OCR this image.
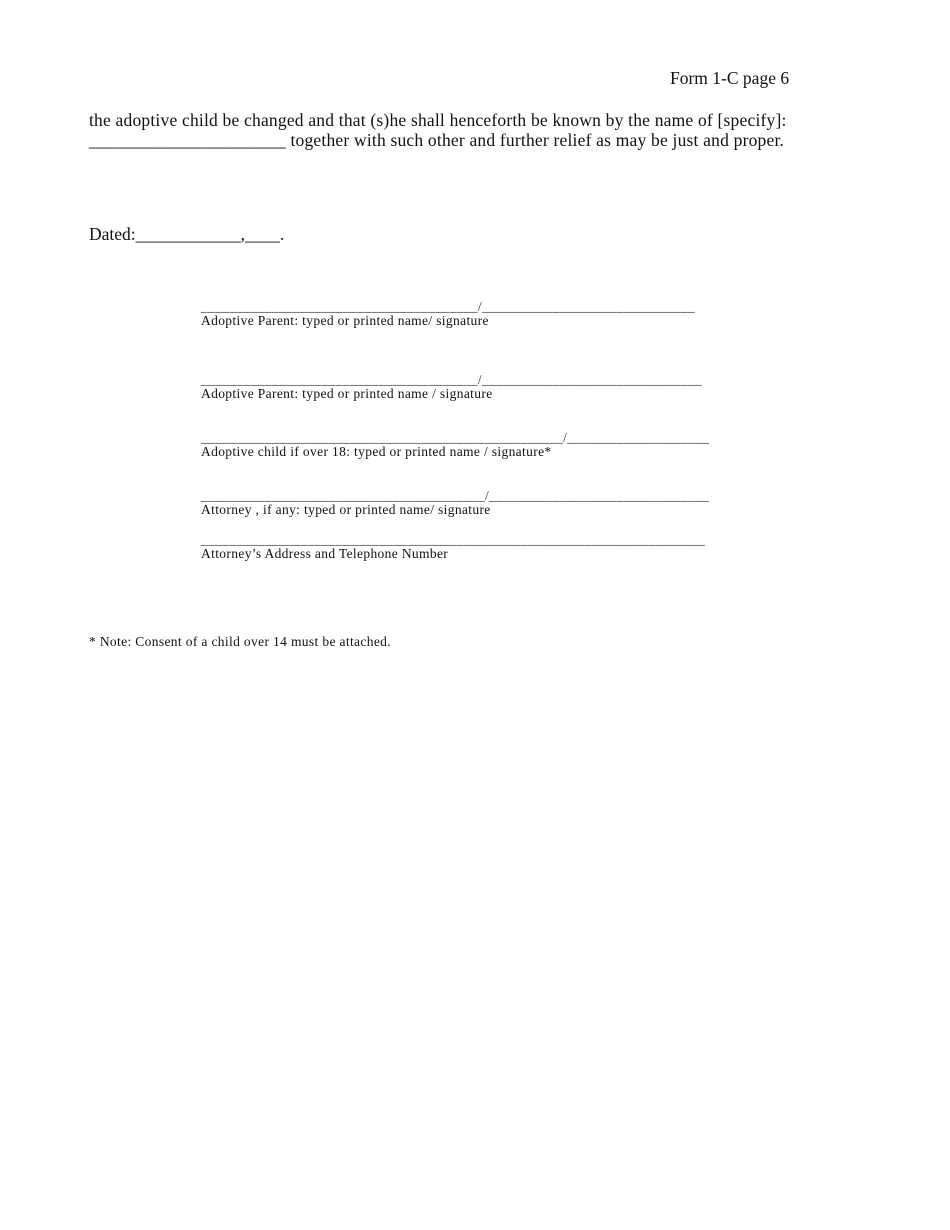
Form 1-C page 6

the adoptive child be changed and that (s)he shall henceforth be known by the name of [specify]:
______________________ together with such other and further relief as may be just and proper.

Dated:____________,____.

_______________________________________/______________________________
Adoptive Parent: typed or printed name/ signature
_______________________________________/_______________________________
Adoptive Parent: typed or printed name / signature
___________________________________________________/____________________
Adoptive child if over 18: typed or printed name / signature*
________________________________________/_______________________________
Attorney , if any: typed or printed name/ signature
_______________________________________________________________________
Attorney’s Address and Telephone Number

* Note: Consent of a child over 14 must be attached.
